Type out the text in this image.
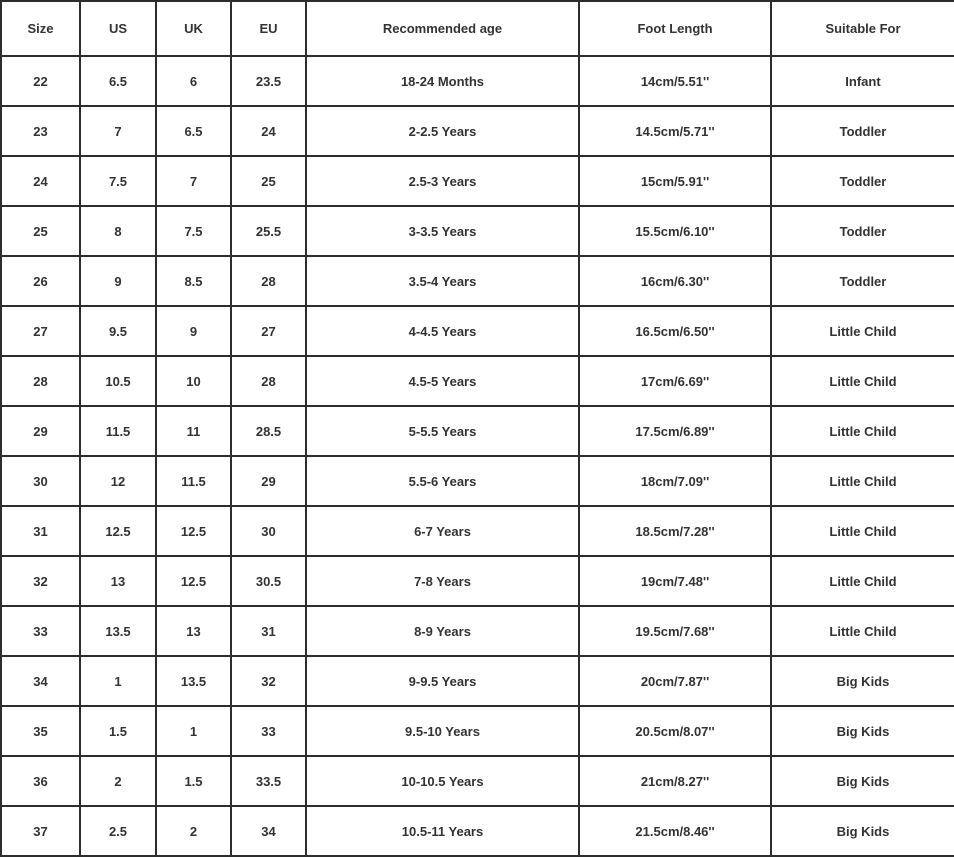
Size	US	UK	EU	Recommended age	Foot Length	Suitable For
22	6.5	6	23.5	18-24 Months	14cm/5.51''	Infant
23	7	6.5	24	2-2.5 Years	14.5cm/5.71''	Toddler
24	7.5	7	25	2.5-3 Years	15cm/5.91''	Toddler
25	8	7.5	25.5	3-3.5 Years	15.5cm/6.10''	Toddler
26	9	8.5	28	3.5-4 Years	16cm/6.30''	Toddler
27	9.5	9	27	4-4.5 Years	16.5cm/6.50''	Little Child
28	10.5	10	28	4.5-5 Years	17cm/6.69''	Little Child
29	11.5	11	28.5	5-5.5 Years	17.5cm/6.89''	Little Child
30	12	11.5	29	5.5-6 Years	18cm/7.09''	Little Child
31	12.5	12.5	30	6-7 Years	18.5cm/7.28''	Little Child
32	13	12.5	30.5	7-8 Years	19cm/7.48''	Little Child
33	13.5	13	31	8-9 Years	19.5cm/7.68''	Little Child
34	1	13.5	32	9-9.5 Years	20cm/7.87''	Big Kids
35	1.5	1	33	9.5-10 Years	20.5cm/8.07''	Big Kids
36	2	1.5	33.5	10-10.5 Years	21cm/8.27''	Big Kids
37	2.5	2	34	10.5-11 Years	21.5cm/8.46''	Big Kids
